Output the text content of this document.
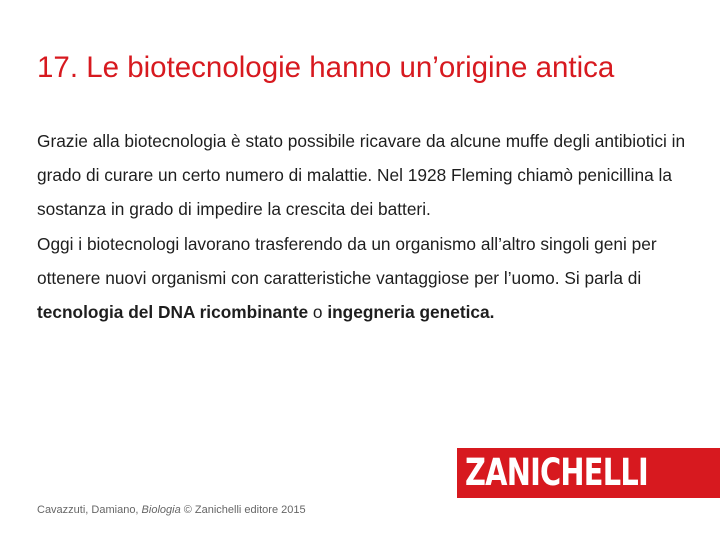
17. Le biotecnologie hanno un’origine antica

Grazie alla biotecnologia è stato possibile ricavare da alcune muffe degli antibiotici in grado di curare un certo numero di malattie. Nel 1928 Fleming chiamò penicillina la sostanza in grado di impedire la crescita dei batteri.

Oggi i biotecnologi lavorano trasferendo da un organismo all’altro singoli geni per ottenere nuovi organismi con caratteristiche vantaggiose per l’uomo. Si parla di tecnologia del DNA ricombinante o ingegneria genetica.

Cavazzuti, Damiano, Biologia © Zanichelli editore 2015
ZANICHELLI
